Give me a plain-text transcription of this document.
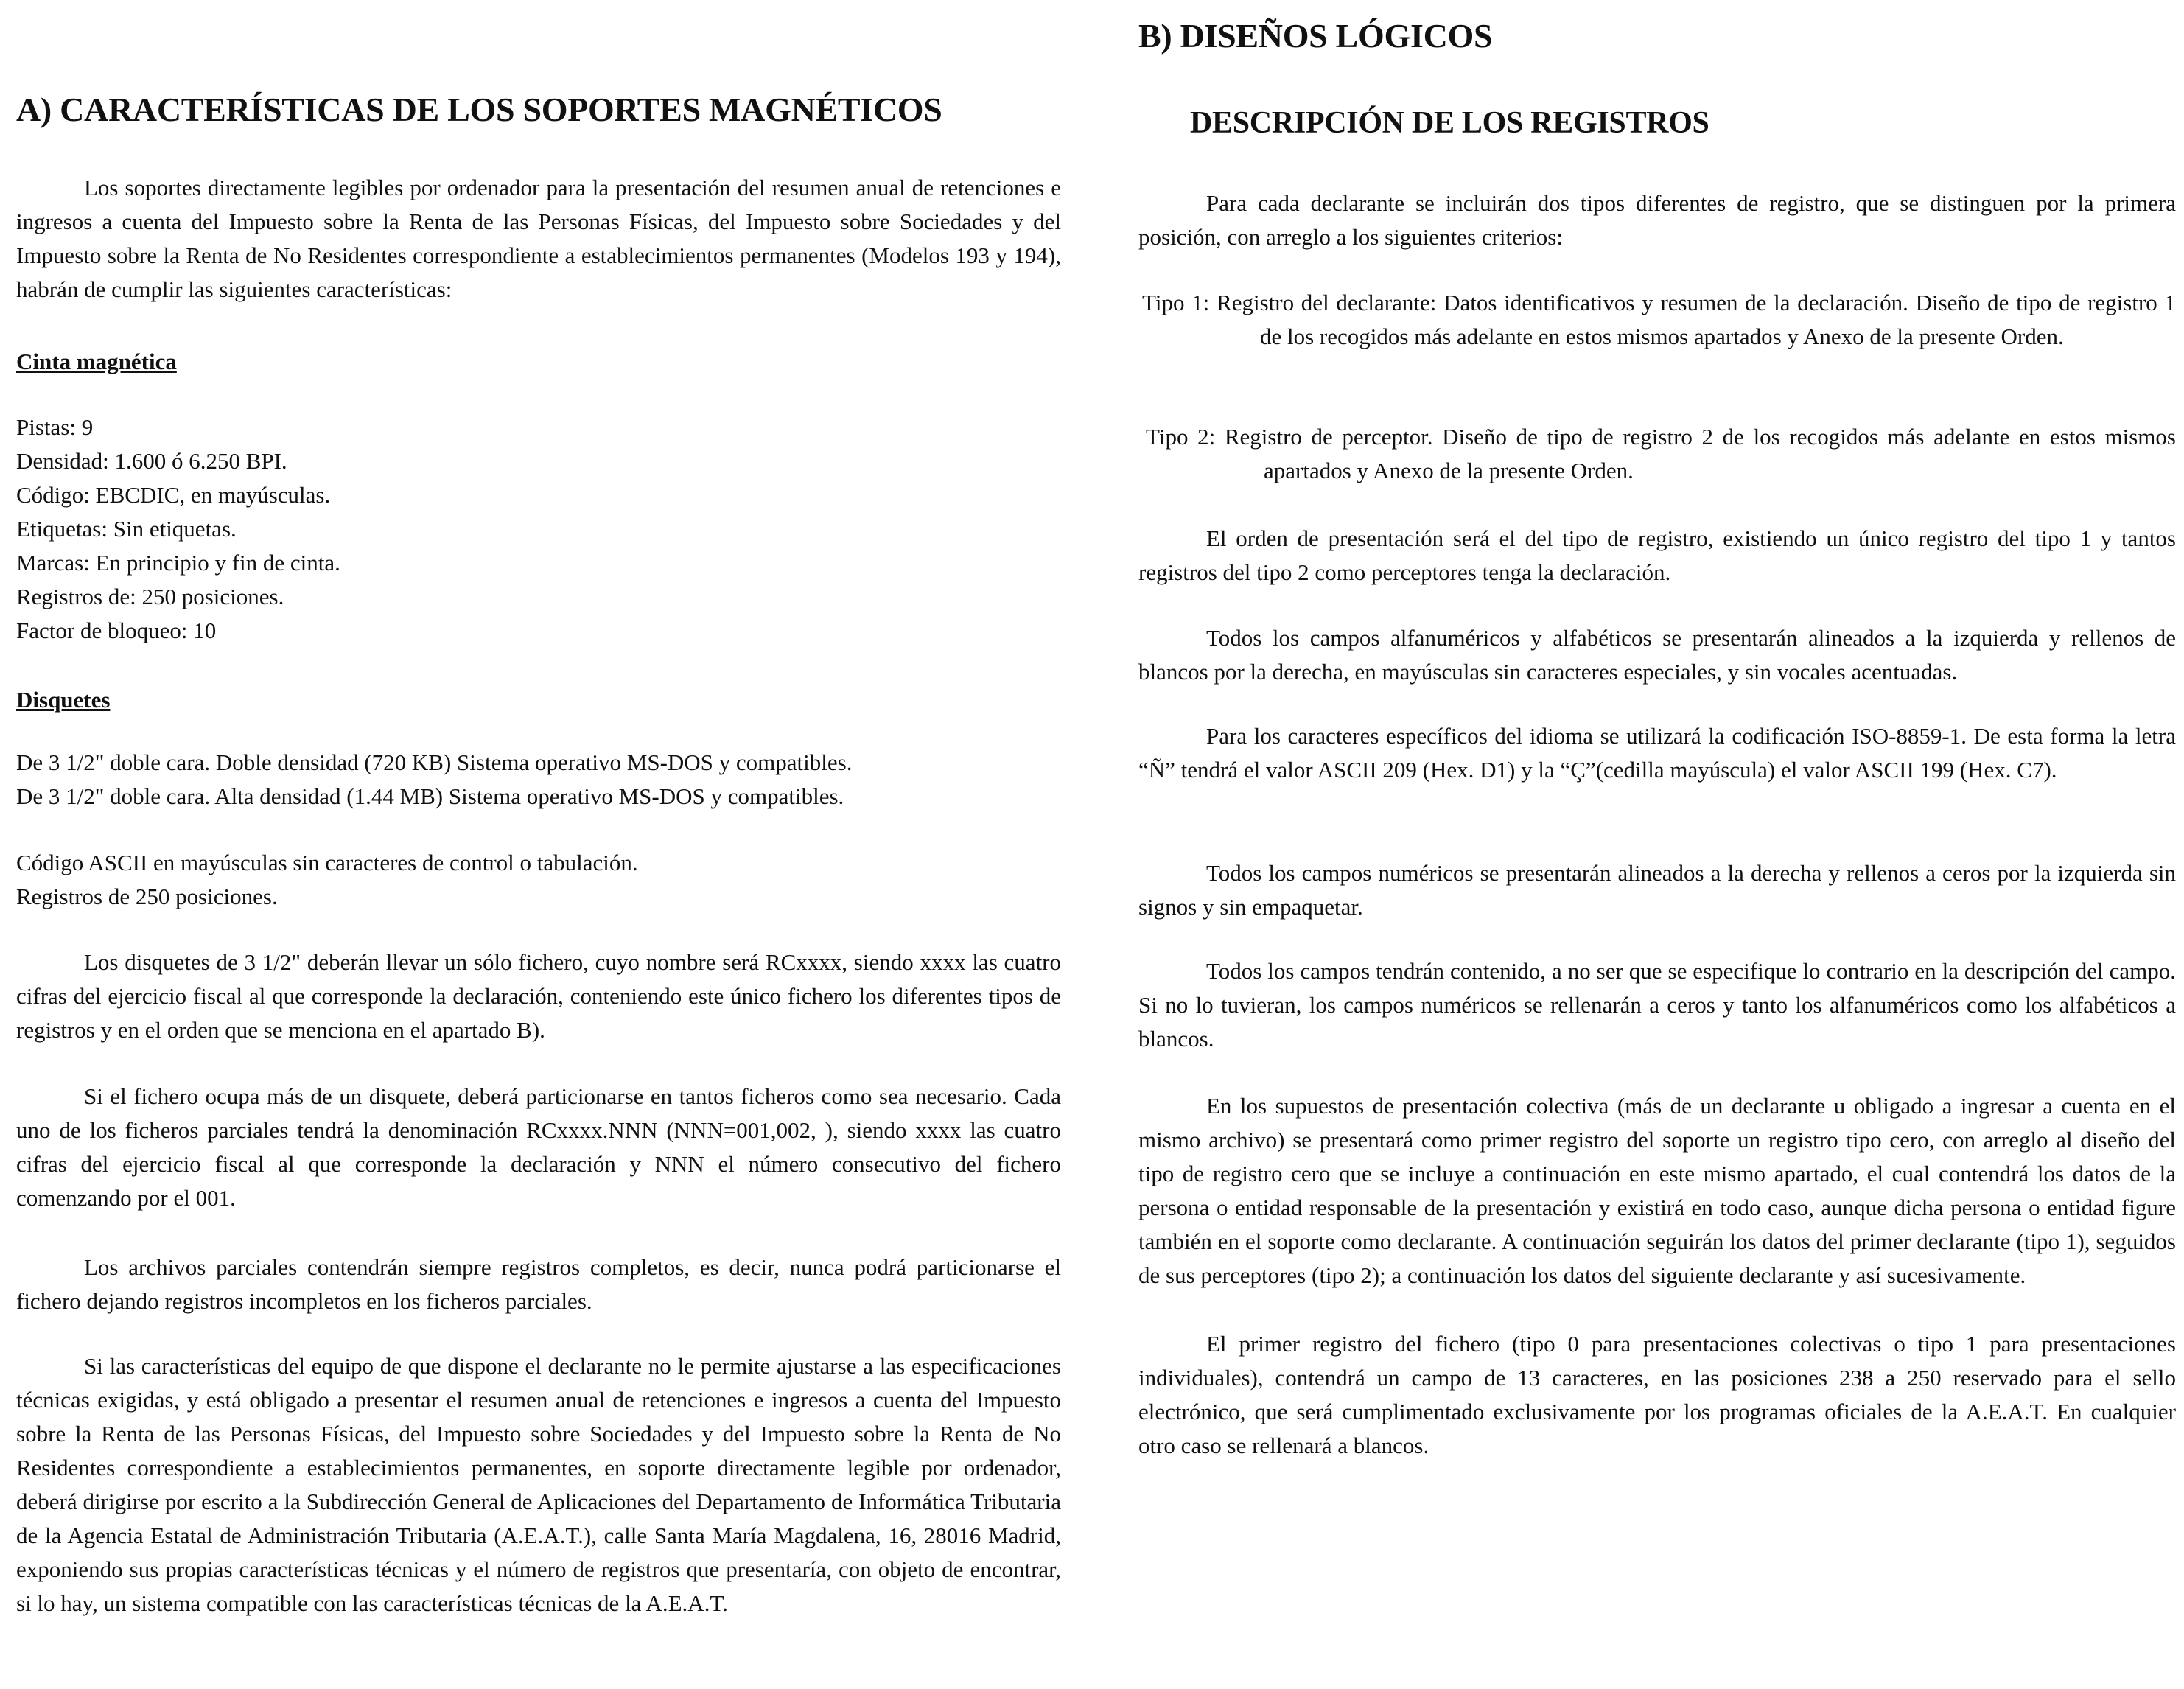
A) CARACTERÍSTICAS DE LOS SOPORTES MAGNÉTICOS

Los soportes directamente legibles por ordenador para la presentación del resumen anual de retenciones e ingresos a cuenta del Impuesto sobre la Renta de las Personas Físicas, del Impuesto sobre Sociedades y del Impuesto sobre la Renta de No Residentes correspondiente a establecimientos permanentes (Modelos 193 y 194), habrán de cumplir las siguientes características:

Cinta magnética
Pistas: 9
Densidad: 1.600 ó 6.250 BPI.
Código: EBCDIC, en mayúsculas.
Etiquetas: Sin etiquetas.
Marcas: En principio y fin de cinta.
Registros de: 250 posiciones.
Factor de bloqueo: 10
Disquetes
De 3 1/2" doble cara. Doble densidad (720 KB) Sistema operativo MS-DOS y compatibles.
De 3 1/2" doble cara. Alta densidad (1.44 MB) Sistema operativo MS-DOS y compatibles.
Código ASCII en mayúsculas sin caracteres de control o tabulación.
Registros de 250 posiciones.

Los disquetes de 3 1/2" deberán llevar un sólo fichero, cuyo nombre será RCxxxx, siendo xxxx las cuatro cifras del ejercicio fiscal al que corresponde la declaración, conteniendo este único fichero los diferentes tipos de registros y en el orden que se menciona en el apartado B).

Si el fichero ocupa más de un disquete, deberá particionarse en tantos ficheros como sea necesario. Cada uno de los ficheros parciales tendrá la denominación RCxxxx.NNN (NNN=001,002, ), siendo xxxx las cuatro cifras del ejercicio fiscal al que corresponde la declaración y NNN el número consecutivo del fichero comenzando por el 001.

Los archivos parciales contendrán siempre registros completos, es decir, nunca podrá particionarse el fichero dejando registros incompletos en los ficheros parciales.

Si las características del equipo de que dispone el declarante no le permite ajustarse a las especificaciones técnicas exigidas, y está obligado a presentar el resumen anual de retenciones e ingresos a cuenta del Impuesto sobre la Renta de las Personas Físicas, del Impuesto sobre Sociedades y del Impuesto sobre la Renta de No Residentes correspondiente a establecimientos permanentes, en soporte directamente legible por ordenador, deberá dirigirse por escrito a la Subdirección General de Aplicaciones del Departamento de Informática Tributaria de la Agencia Estatal de Administración Tributaria (A.E.A.T.), calle Santa María Magdalena, 16, 28016 Madrid, exponiendo sus propias características técnicas y el número de registros que presentaría, con objeto de encontrar, si lo hay, un sistema compatible con las características técnicas de la A.E.A.T.

B) DISEÑOS LÓGICOS
DESCRIPCIÓN DE LOS REGISTROS

Para cada declarante se incluirán dos tipos diferentes de registro, que se distinguen por la primera posición, con arreglo a los siguientes criterios:

Tipo 1: Registro del declarante: Datos identificativos y resumen de la declaración. Diseño de tipo de registro 1 de los recogidos más adelante en estos mismos apartados y Anexo de la presente Orden.

Tipo 2: Registro de perceptor. Diseño de tipo de registro 2 de los recogidos más adelante en estos mismos apartados y Anexo de la presente Orden.

El orden de presentación será el del tipo de registro, existiendo un único registro del tipo 1 y tantos registros del tipo 2 como perceptores tenga la declaración.

Todos los campos alfanuméricos y alfabéticos se presentarán alineados a la izquierda y rellenos de blancos por la derecha, en mayúsculas sin caracteres especiales, y sin vocales acentuadas.

Para los caracteres específicos del idioma se utilizará la codificación ISO-8859-1. De esta forma la letra “Ñ” tendrá el valor ASCII 209 (Hex. D1) y la “Ç”(cedilla mayúscula) el valor ASCII 199 (Hex. C7).

Todos los campos numéricos se presentarán alineados a la derecha y rellenos a ceros por la izquierda sin signos y sin empaquetar.

Todos los campos tendrán contenido, a no ser que se especifique lo contrario en la descripción del campo. Si no lo tuvieran, los campos numéricos se rellenarán a ceros y tanto los alfanuméricos como los alfabéticos a blancos.

En los supuestos de presentación colectiva (más de un declarante u obligado a ingresar a cuenta en el mismo archivo) se presentará como primer registro del soporte un registro tipo cero, con arreglo al diseño del tipo de registro cero que se incluye a continuación en este mismo apartado, el cual contendrá los datos de la persona o entidad responsable de la presentación y existirá en todo caso, aunque dicha persona o entidad figure también en el soporte como declarante. A continuación seguirán los datos del primer declarante (tipo 1), seguidos de sus perceptores (tipo 2); a continuación los datos del siguiente declarante y así sucesivamente.

El primer registro del fichero (tipo 0 para presentaciones colectivas o tipo 1 para presentaciones individuales), contendrá un campo de 13 caracteres, en las posiciones 238 a 250 reservado para el sello electrónico, que será cumplimentado exclusivamente por los programas oficiales de la A.E.A.T. En cualquier otro caso se rellenará a blancos.
